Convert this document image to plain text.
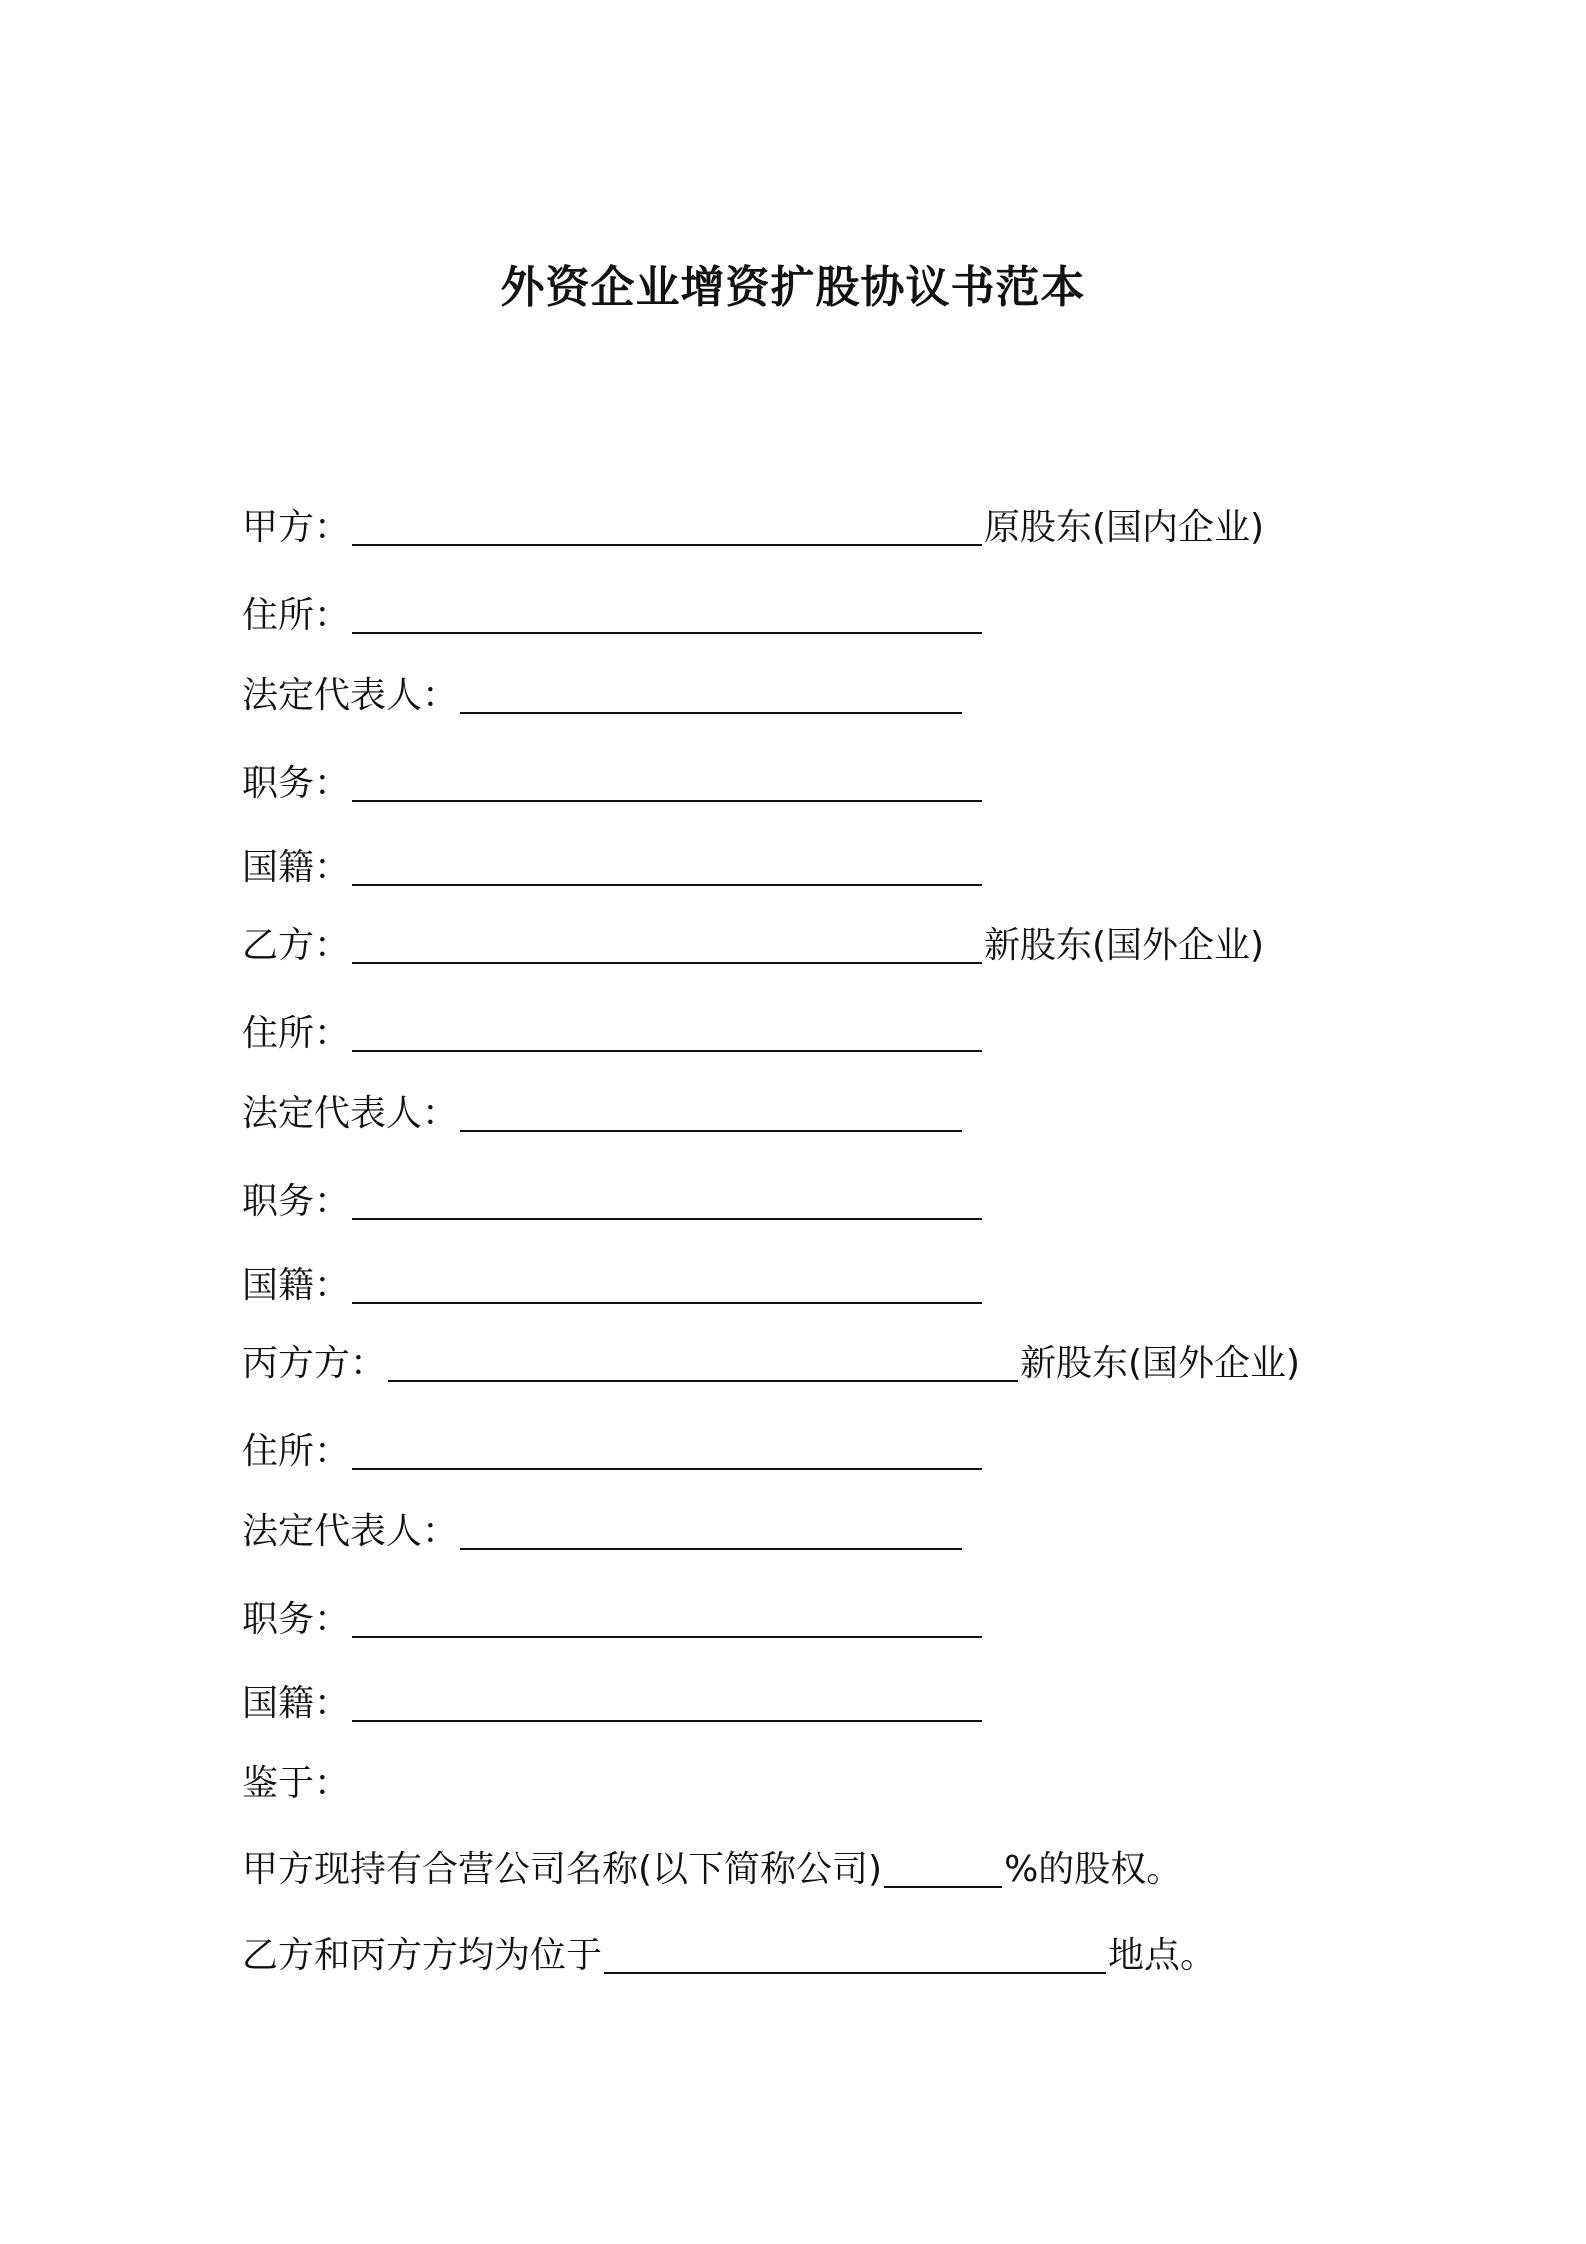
外资企业增资扩股协议书范本
甲方：	原股东(国内企业)
住所：
法定代表人：
职务：
国籍：
乙方：	新股东(国外企业)
住所：
法定代表人：
职务：
国籍：
丙方方：	新股东(国外企业)
住所：
法定代表人：
职务：
国籍：
鉴于：
甲方现持有合营公司名称(以下简称公司)	%的股权。
乙方和丙方方均为位于	地点。
